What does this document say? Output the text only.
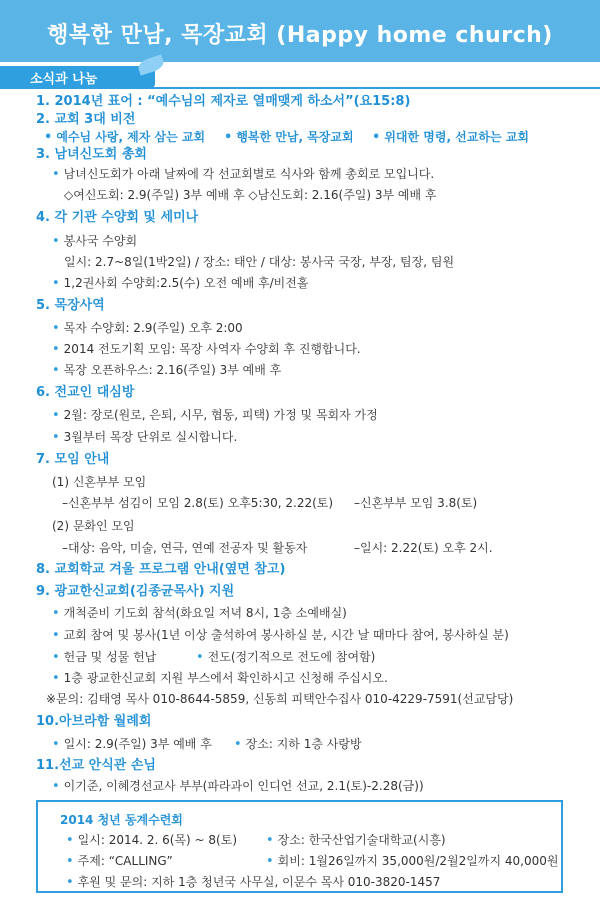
행복한 만남, 목장교회 (Happy home church)
소식과 나눔
1. 2014년 표어 : “예수님의 제자로 열매맺게 하소서”(요15:8)
2. 교회 3대 비전
• 예수님 사랑, 제자 삼는 교회 • 행복한 만남, 목장교회 • 위대한 명령, 선교하는 교회
3. 남녀신도회 총회
• 남녀신도회가 아래 날짜에 각 선교회별로 식사와 함께 총회로 모입니다.
◇여신도회: 2.9(주일) 3부 예배 후 ◇남신도회: 2.16(주일) 3부 예배 후
4. 각 기관 수양회 및 세미나
• 봉사국 수양회
일시: 2.7~8일(1박2일) / 장소: 태안 / 대상: 봉사국 국장, 부장, 팀장, 팀원
• 1,2권사회 수양회:2.5(수) 오전 예배 후/비전홀
5. 목장사역
• 목자 수양회: 2.9(주일) 오후 2:00
• 2014 전도기획 모임: 목장 사역자 수양회 후 진행합니다.
• 목장 오픈하우스: 2.16(주일) 3부 예배 후
6. 전교인 대심방
• 2월: 장로(원로, 은퇴, 시무, 협동, 피택) 가정 및 목회자 가정
• 3월부터 목장 단위로 실시합니다.
7. 모임 안내
(1) 신혼부부 모임
–신혼부부 섬김이 모임 2.8(토) 오후5:30, 2.22(토) –신혼부부 모임 3.8(토)
(2) 문화인 모임
–대상: 음악, 미술, 연극, 연예 전공자 및 활동자	–일시: 2.22(토) 오후 2시.
8. 교회학교 겨울 프로그램 안내(옆면 참고)
9. 광교한신교회(김종균목사) 지원
• 개척준비 기도회 참석(화요일 저녁 8시, 1층 소예배실)
• 교회 참여 및 봉사(1년 이상 출석하여 봉사하실 분, 시간 날 때마다 참여, 봉사하실 분)
• 헌금 및 성물 헌납	• 전도(정기적으로 전도에 참여함)
• 1층 광교한신교회 지원 부스에서 확인하시고 신청해 주십시오.
※문의: 김태영 목사 010-8644-5859, 신동희 피택안수집사 010-4229-7591(선교담당)
10.아브라함 월례회
• 일시: 2.9(주일) 3부 예배 후 • 장소: 지하 1층 사랑방
11.선교 안식관 손님
• 이기준, 이혜경선교사 부부(파라과이 인디언 선교, 2.1(토)-2.28(금))
2014 청년 동계수련회
• 일시: 2014. 2. 6(목) ~ 8(토) • 장소: 한국산업기술대학교(시흥)
• 주제: “CALLING”	• 회비: 1월26일까지 35,000원/2월2일까지 40,000원
• 후원 및 문의: 지하 1층 청년국 사무실, 이문수 목사 010-3820-1457
